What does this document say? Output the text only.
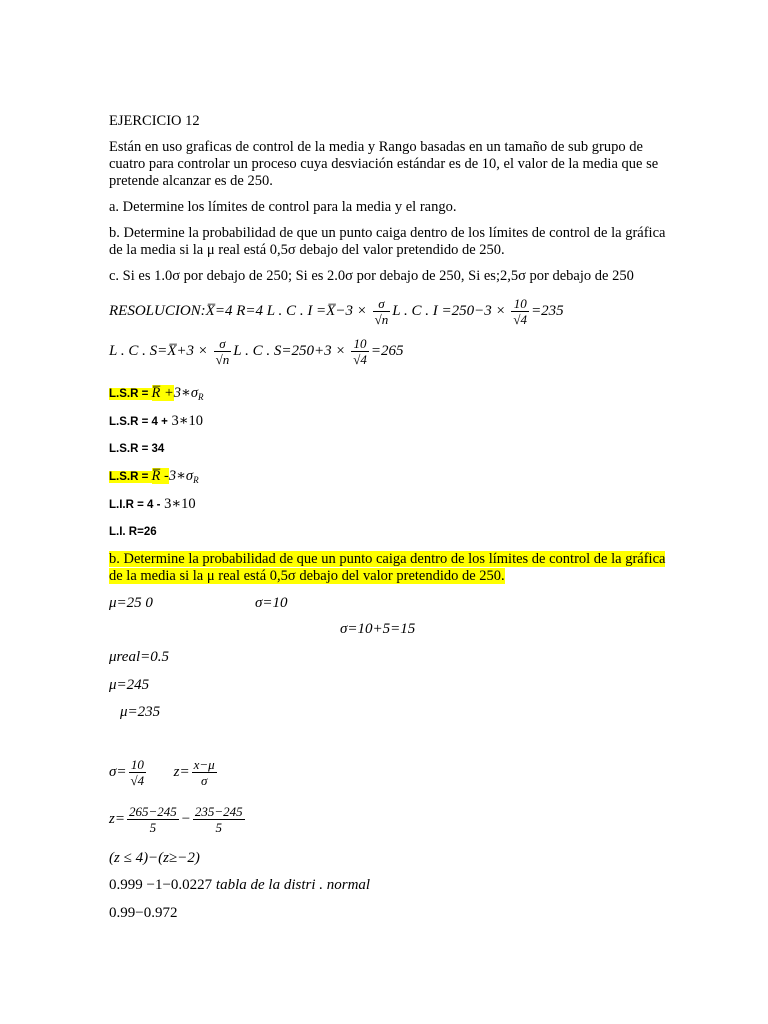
EJERCICIO 12
Están en uso graficas de control de la media y Rango basadas en un tamaño de sub grupo de
cuatro para controlar un proceso cuya desviación estándar es de 10, el valor de la media que se
pretende alcanzar es de 250.
a. Determine los límites de control para la media y el rango.
b. Determine la probabilidad de que un punto caiga dentro de los límites de control de la gráfica
de la media si la μ real está 0,5σ debajo del valor pretendido de 250.
c. Si es 1.0σ por debajo de 250; Si es 2.0σ por debajo de 250, Si es;2,5σ por debajo de 250
RESOLUCION:X̅=4 R=4 L . C . I =X̅−3 × $\frac{\sigma}{√n}$ L . C . $I =250-3 \times \frac{10}{√4} =235$
L . C . S=X̅+3 × $\frac{\sigma}{√n}$ L . C . $S=250+3 \times \frac{10}{√4} =265$
L.S.R = R̅ $+3∗\sigma_R$
L.S.R = 4 + 3∗10
L.S.R = 34
L.S.R = R̅ $-3∗\sigma_R$
L.I.R = 4 - 3∗10
L.I. R=26
b. Determine la probabilidad de que un punto caiga dentro de los límites de control de la gráfica
de la media si la μ real está 0,5σ debajo del valor pretendido de 250.
μ=25 0	σ=10
σ=10+5=15
μreal=0.5
μ=245
μ=235
$\sigma= \frac{10}{√4} z= \frac{x-\mu}{\sigma}$
$z= \frac{265-245}{5} - \frac{235-245}{5}$
(z ≤ 4)−(z≥−2)
0.999 −1−0.0227 tabla de la distri . normal
0.99−0.972
